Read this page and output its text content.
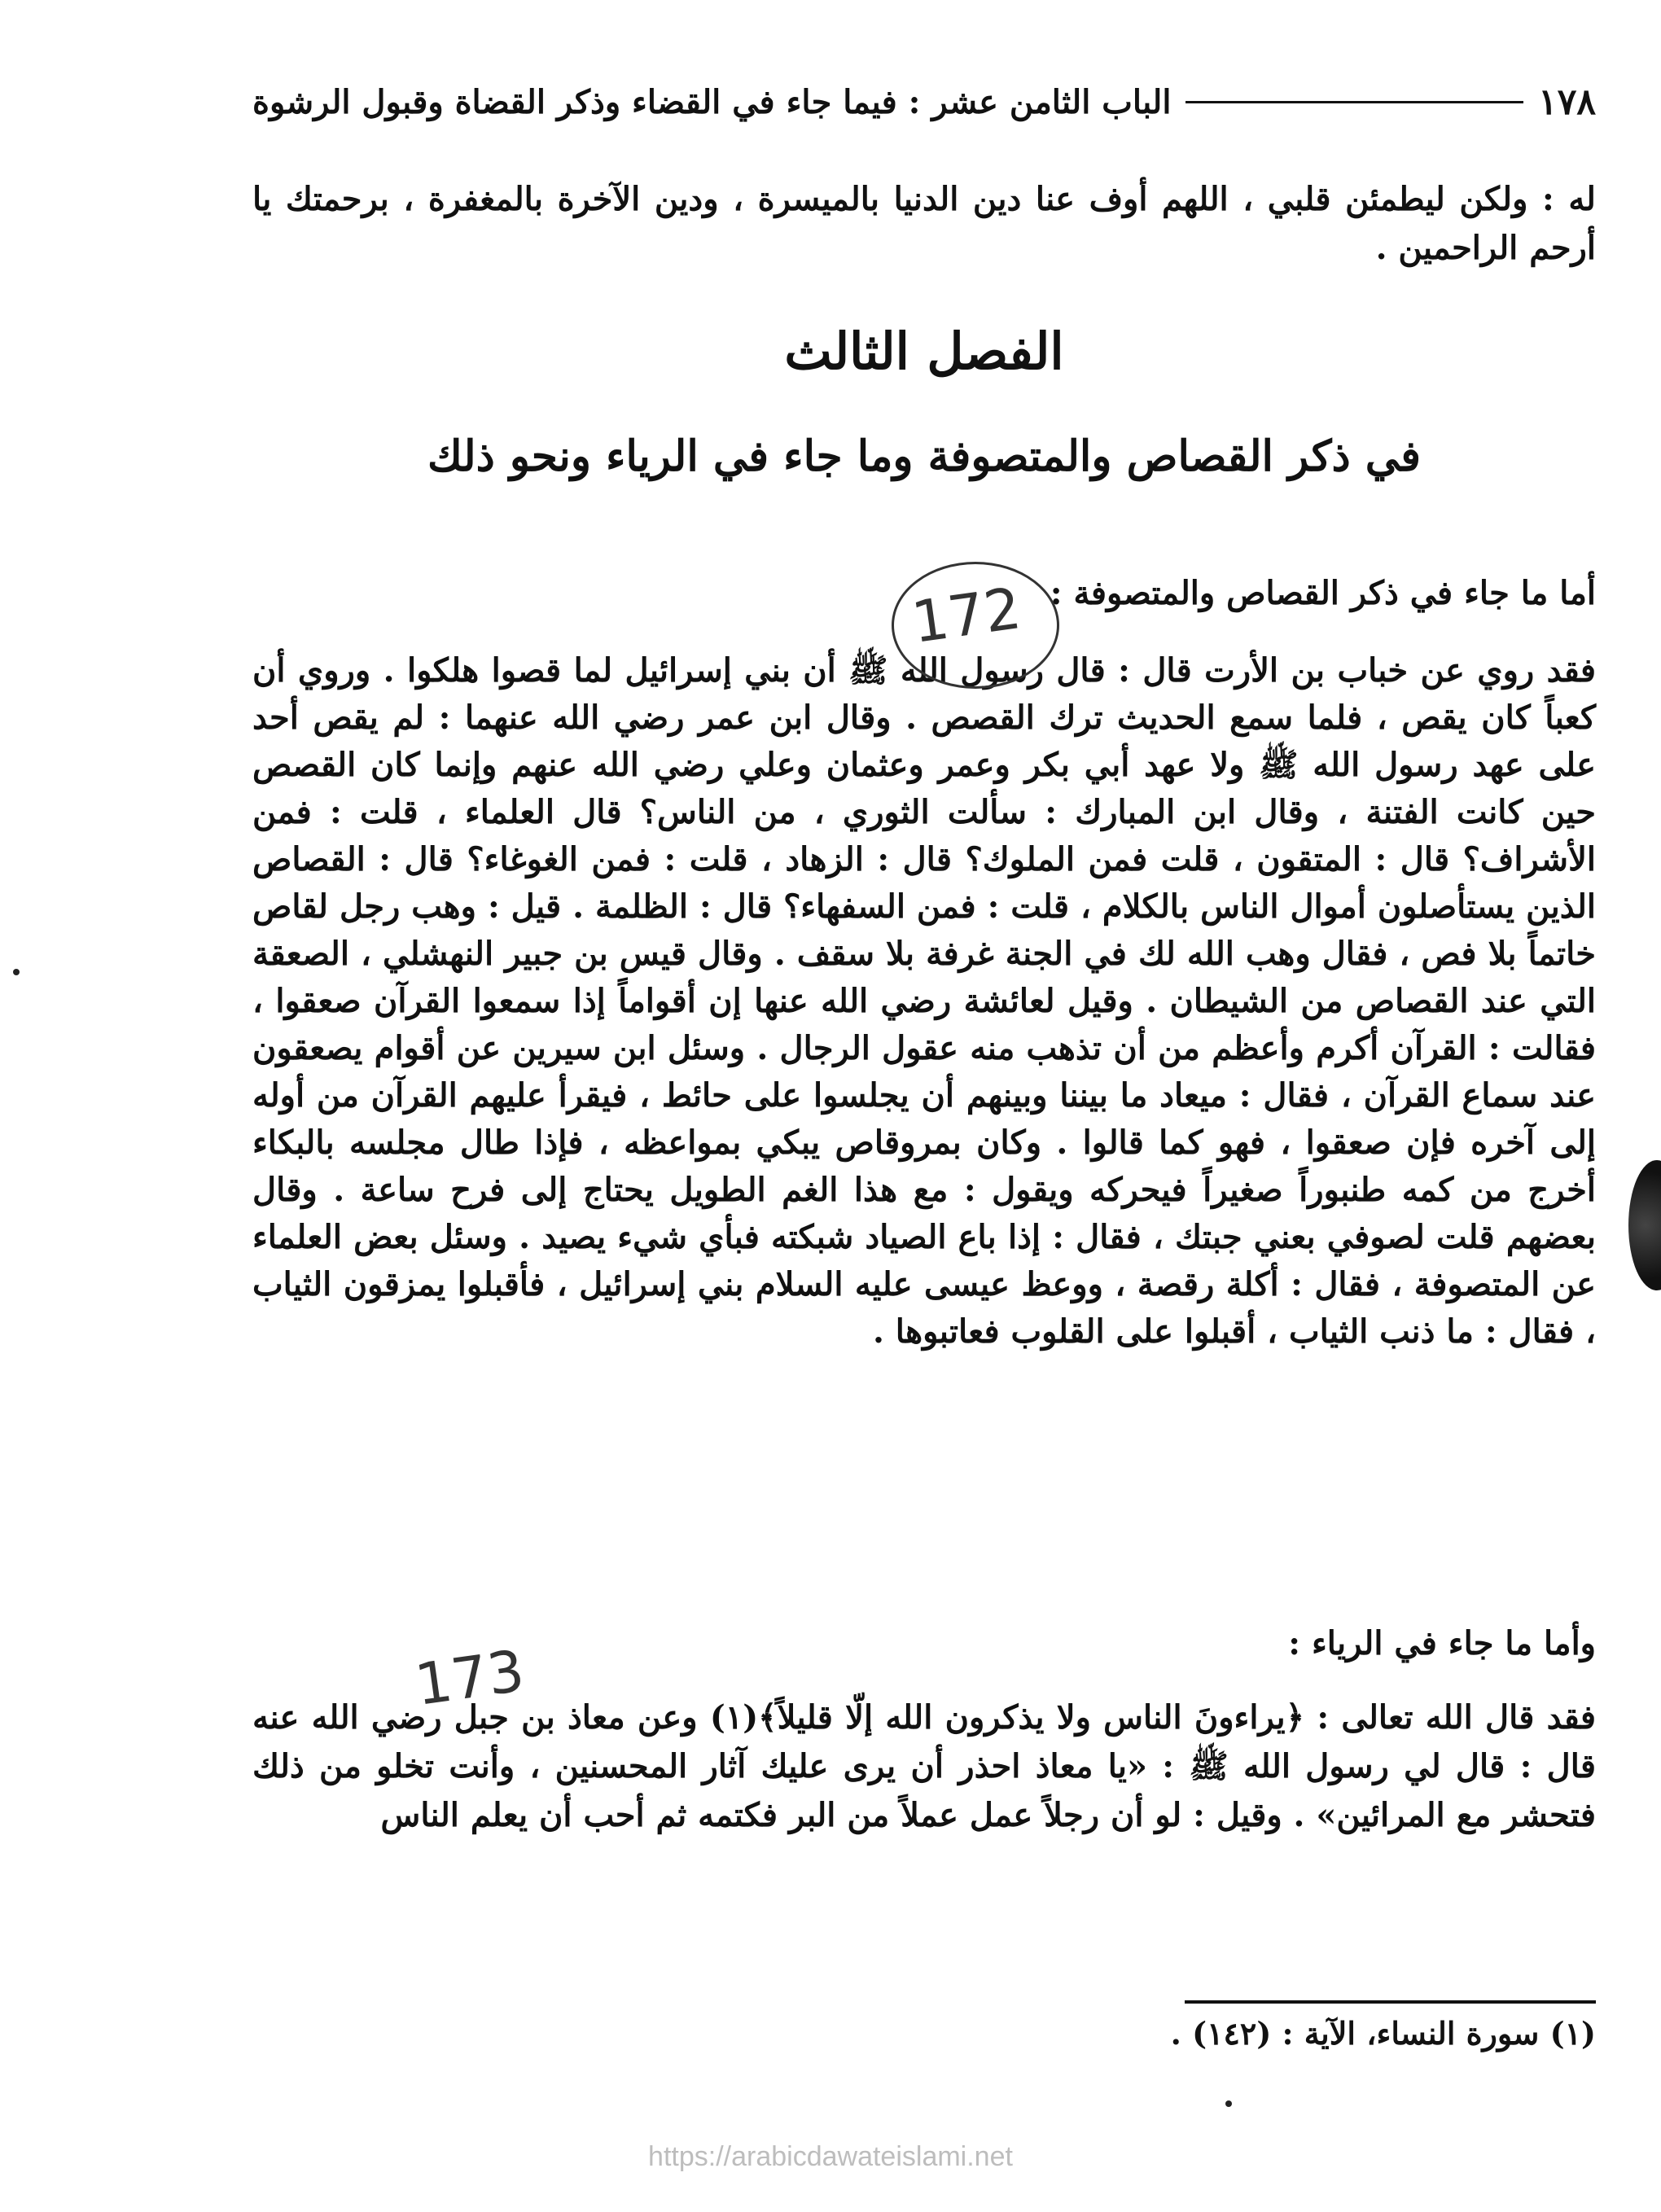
١٧٨
الباب الثامن عشر : فيما جاء في القضاء وذكر القضاة وقبول الرشوة
له : ولكن ليطمئن قلبي ، اللهم أوف عنا دين الدنيا بالميسرة ، ودين الآخرة بالمغفرة ، برحمتك يا أرحم الراحمين .
الفصل الثالث
في ذكر القصاص والمتصوفة وما جاء في الرياء ونحو ذلك
أما ما جاء في ذكر القصاص والمتصوفة :
فقد روي عن خباب بن الأرت قال : قال رسول الله ﷺ أن بني إسرائيل لما قصوا هلكوا . وروي أن كعباً كان يقص ، فلما سمع الحديث ترك القصص . وقال ابن عمر رضي الله عنهما : لم يقص أحد على عهد رسول الله ﷺ ولا عهد أبي بكر وعمر وعثمان وعلي رضي الله عنهم وإنما كان القصص حين كانت الفتنة ، وقال ابن المبارك : سألت الثوري ، من الناس؟ قال العلماء ، قلت : فمن الأشراف؟ قال : المتقون ، قلت فمن الملوك؟ قال : الزهاد ، قلت : فمن الغوغاء؟ قال : القصاص الذين يستأصلون أموال الناس بالكلام ، قلت : فمن السفهاء؟ قال : الظلمة . قيل : وهب رجل لقاص خاتماً بلا فص ، فقال وهب الله لك في الجنة غرفة بلا سقف . وقال قيس بن جبير النهشلي ، الصعقة التي عند القصاص من الشيطان . وقيل لعائشة رضي الله عنها إن أقواماً إذا سمعوا القرآن صعقوا ، فقالت : القرآن أكرم وأعظم من أن تذهب منه عقول الرجال . وسئل ابن سيرين عن أقوام يصعقون عند سماع القرآن ، فقال : ميعاد ما بيننا وبينهم أن يجلسوا على حائط ، فيقرأ عليهم القرآن من أوله إلى آخره فإن صعقوا ، فهو كما قالوا . وكان بمروقاص يبكي بمواعظه ، فإذا طال مجلسه بالبكاء أخرج من كمه طنبوراً صغيراً فيحركه ويقول : مع هذا الغم الطويل يحتاج إلى فرح ساعة . وقال بعضهم قلت لصوفي بعني جبتك ، فقال : إذا باع الصياد شبكته فبأي شيء يصيد . وسئل بعض العلماء عن المتصوفة ، فقال : أكلة رقصة ، ووعظ عيسى عليه السلام بني إسرائيل ، فأقبلوا يمزقون الثياب ، فقال : ما ذنب الثياب ، أقبلوا على القلوب فعاتبوها .
وأما ما جاء في الرياء :
فقد قال الله تعالى : ﴿يراءونَ الناس ولا يذكرون الله إلّا قليلاً﴾(١) وعن معاذ بن جبل رضي الله عنه قال : قال لي رسول الله ﷺ : «يا معاذ احذر أن يرى عليك آثار المحسنين ، وأنت تخلو من ذلك فتحشر مع المرائين» . وقيل : لو أن رجلاً عمل عملاً من البر فكتمه ثم أحب أن يعلم الناس
172
173
(١) سورة النساء، الآية : (١٤٢) .
https://arabicdawateislami.net
